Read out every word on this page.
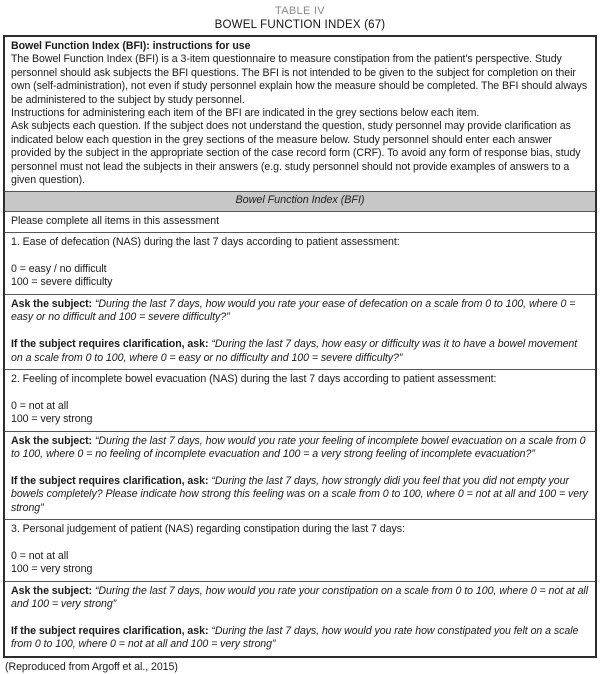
TABLE IV
BOWEL FUNCTION INDEX (67)
Bowel Function Index (BFI): instructions for use
The Bowel Function Index (BFI) is a 3-item questionnaire to measure constipation from the patient's perspective. Study personnel should ask subjects the BFI questions. The BFI is not intended to be given to the subject for completion on their own (self-administration), not even if study personnel explain how the measure should be completed. The BFI should always be administered to the subject by study personnel.
Instructions for administering each item of the BFI are indicated in the grey sections below each item.
Ask subjects each question. If the subject does not understand the question, study personnel may provide clarification as indicated below each question in the grey sections of the measure below. Study personnel should enter each answer provided by the subject in the appropriate section of the case record form (CRF). To avoid any form of response bias, study personnel must not lead the subjects in their answers (e.g. study personnel should not provide examples of answers to a given question).
Bowel Function Index (BFI)
Please complete all items in this assessment
1. Ease of defecation (NAS) during the last 7 days according to patient assessment:
0 = easy / no difficult
100 = severe difficulty
Ask the subject: “During the last 7 days, how would you rate your ease of defecation on a scale from 0 to 100, where 0 = easy or no difficult and 100 = severe difficulty?”
If the subject requires clarification, ask: “During the last 7 days, how easy or difficulty was it to have a bowel movement on a scale from 0 to 100, where 0 = easy or no difficulty and 100 = severe difficulty?”
2. Feeling of incomplete bowel evacuation (NAS) during the last 7 days according to patient assessment:
0 = not at all
100 = very strong
Ask the subject: “During the last 7 days, how would you rate your feeling of incomplete bowel evacuation on a scale from 0 to 100, where 0 = no feeling of incomplete evacuation and 100 = a very strong feeling of incomplete evacuation?”
If the subject requires clarification, ask: “During the last 7 days, how strongly didi you feel that you did not empty your bowels completely? Please indicate how strong this feeling was on a scale from 0 to 100, where 0 = not at all and 100 = very strong”
3. Personal judgement of patient (NAS) regarding constipation during the last 7 days:
0 = not at all
100 = very strong
Ask the subject: “During the last 7 days, how would you rate your constipation on a scale from 0 to 100, where 0 = not at all and 100 = very strong”
If the subject requires clarification, ask: “During the last 7 days, how would you rate how constipated you felt on a scale from 0 to 100, where 0 = not at all and 100 = very strong”
(Reproduced from Argoff et al., 2015)
